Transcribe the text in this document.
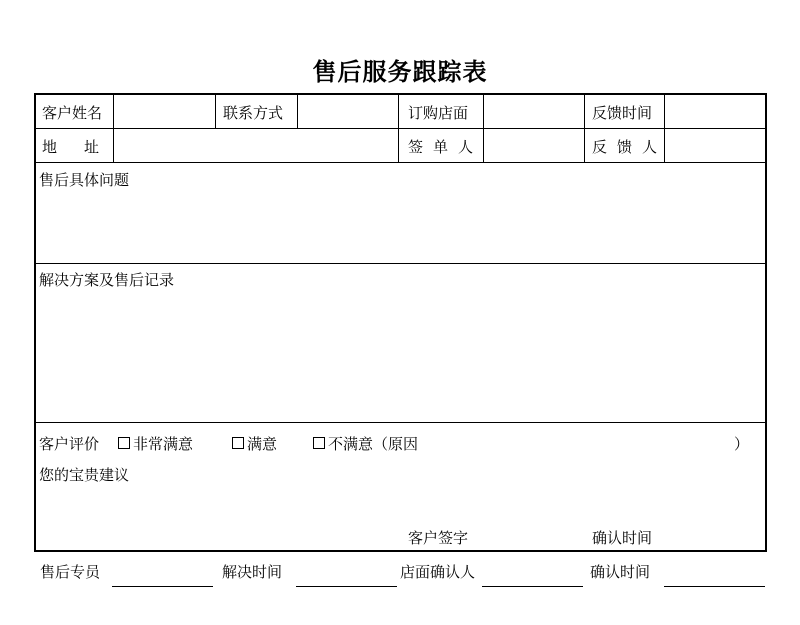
售后服务跟踪表
客户姓名	联系方式	订购店面	反馈时间
地　址	签单人	反馈人
售后具体问题
解决方案及售后记录
客户评价	非常满意	满意	不满意（原因	）
您的宝贵建议
客户签字	确认时间
售后专员	解决时间	店面确认人	确认时间
